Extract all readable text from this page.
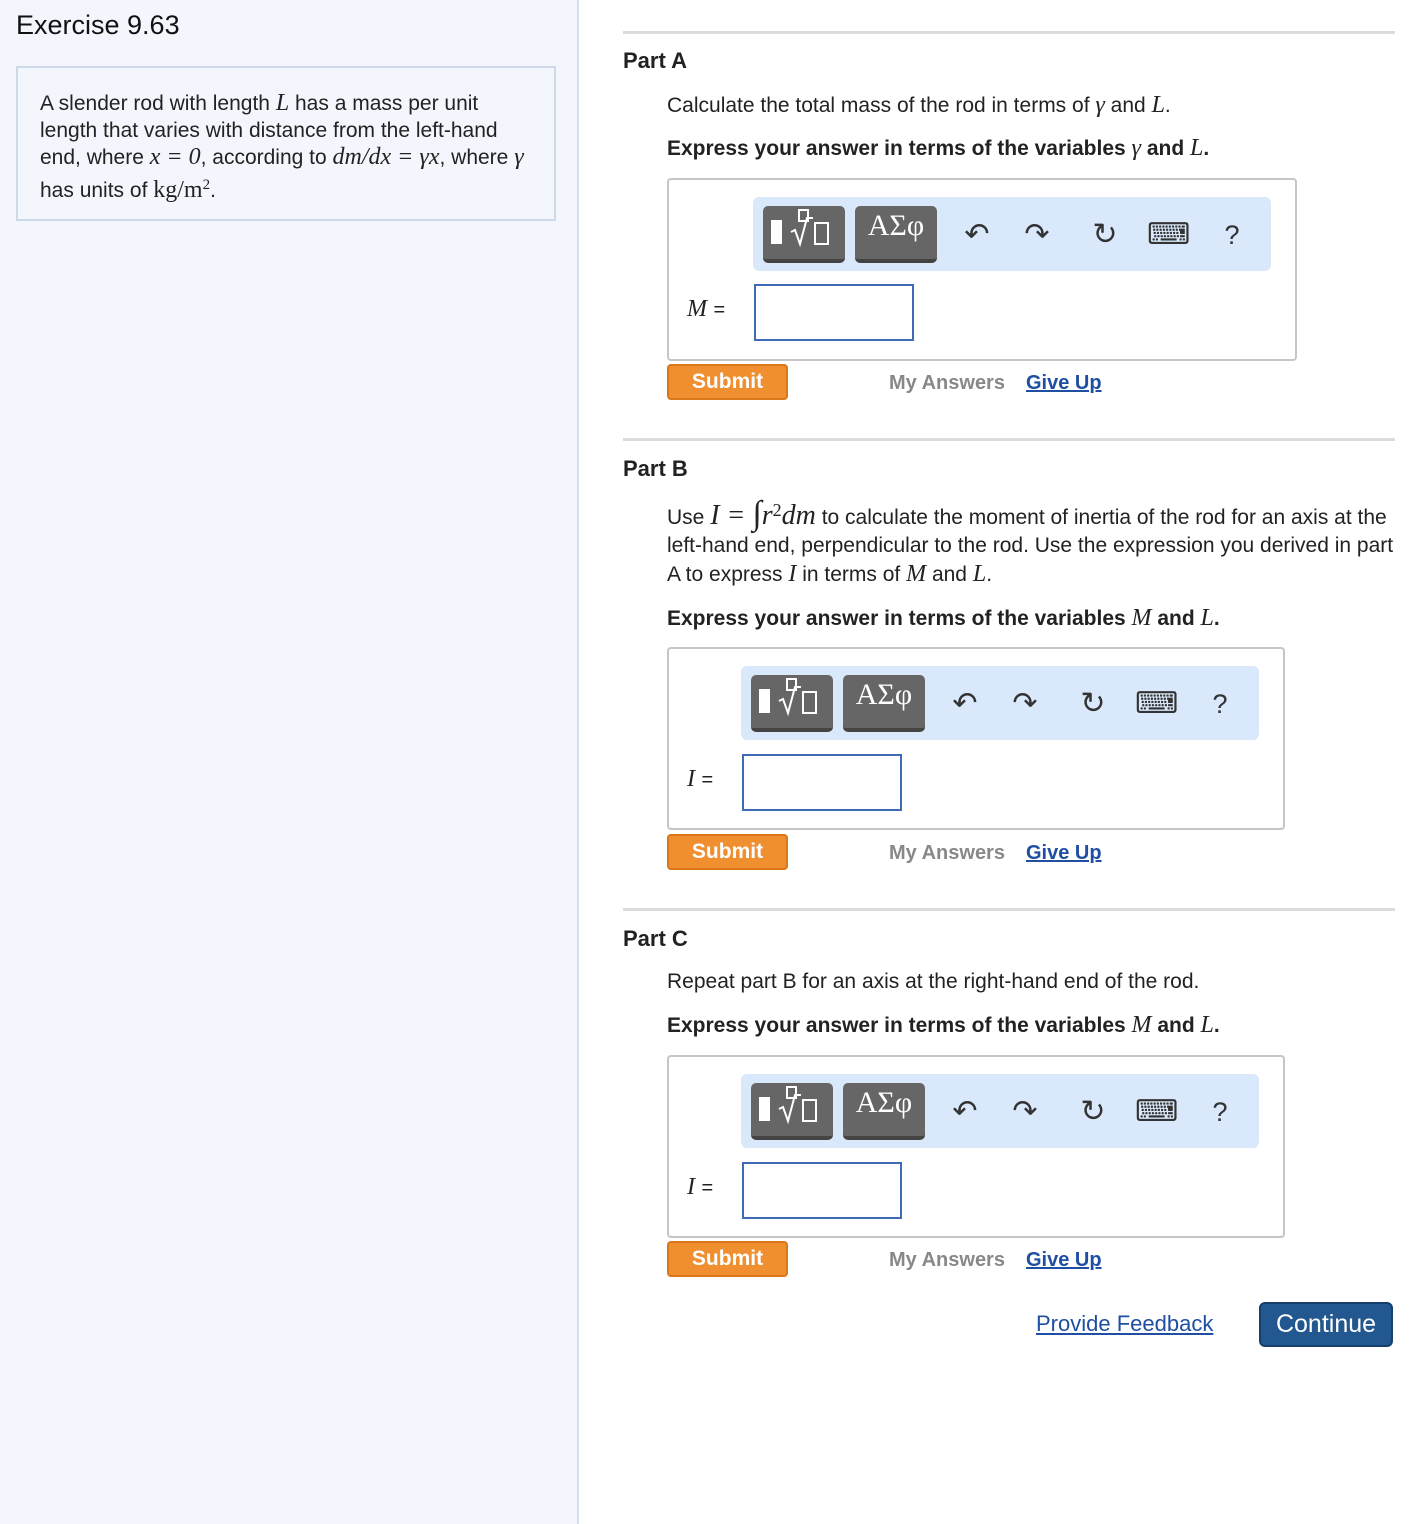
Exercise 9.63
A slender rod with length L has a mass per unit length that varies with distance from the left-hand end, where x = 0, according to dm/dx = γx, where γ has units of $kg/m^2$.
Part A
Calculate the total mass of the rod in terms of γ and L.
Express your answer in terms of the variables γ and L.
ΑΣφ	↶ ↷ ↻ ⌨	?
M =
Submit	My Answers Give Up
Part B
Use $I = \int r^2dm$ to calculate the moment of inertia of the rod for an axis at the left-hand end, perpendicular to the rod. Use the expression you derived in part A to express I in terms of M and L.
Express your answer in terms of the variables M and L.
ΑΣφ	↶ ↷ ↻ ⌨	?
I =
Submit	My Answers Give Up
Part C
Repeat part B for an axis at the right-hand end of the rod.
Express your answer in terms of the variables M and L.
ΑΣφ	↶ ↷ ↻ ⌨	?
I =
Submit	My Answers Give Up
Provide Feedback	Continue
